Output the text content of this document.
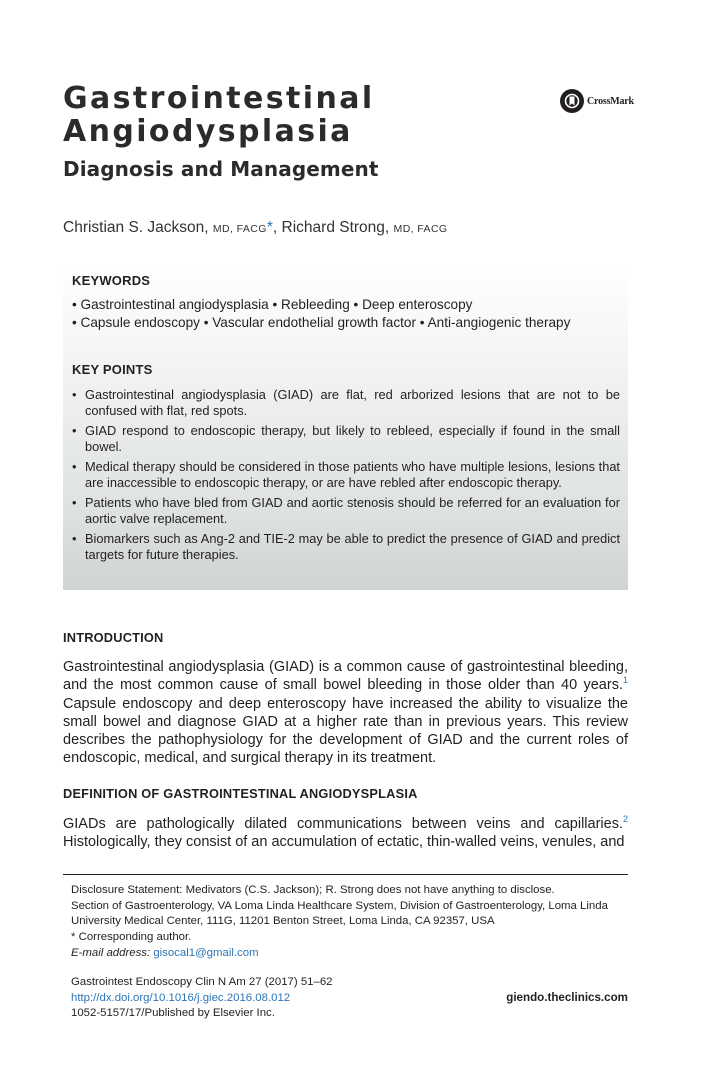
Gastrointestinal
Angiodysplasia
Diagnosis and Management
CrossMark
Christian S. Jackson, MD, FACG*, Richard Strong, MD, FACG
KEYWORDS
• Gastrointestinal angiodysplasia • Rebleeding • Deep enteroscopy
• Capsule endoscopy • Vascular endothelial growth factor • Anti-angiogenic therapy
KEY POINTS
• Gastrointestinal angiodysplasia (GIAD) are flat, red arborized lesions that are not to be confused with flat, red spots.
• GIAD respond to endoscopic therapy, but likely to rebleed, especially if found in the small bowel.
• Medical therapy should be considered in those patients who have multiple lesions, lesions that are inaccessible to endoscopic therapy, or are have rebled after endoscopic therapy.
• Patients who have bled from GIAD and aortic stenosis should be referred for an evaluation for aortic valve replacement.
• Biomarkers such as Ang-2 and TIE-2 may be able to predict the presence of GIAD and predict targets for future therapies.
INTRODUCTION
Gastrointestinal angiodysplasia (GIAD) is a common cause of gastrointestinal bleeding, and the most common cause of small bowel bleeding in those older than 40 years.$^1$ Capsule endoscopy and deep enteroscopy have increased the ability to visualize the small bowel and diagnose GIAD at a higher rate than in previous years. This review describes the pathophysiology for the development of GIAD and the current roles of endoscopic, medical, and surgical therapy in its treatment.
DEFINITION OF GASTROINTESTINAL ANGIODYSPLASIA
GIADs are pathologically dilated communications between veins and capillaries.$^2$ Histologically, they consist of an accumulation of ectatic, thin-walled veins, venules, and
Disclosure Statement: Medivators (C.S. Jackson); R. Strong does not have anything to disclose.
Section of Gastroenterology, VA Loma Linda Healthcare System, Division of Gastroenterology, Loma Linda University Medical Center, 111G, 11201 Benton Street, Loma Linda, CA 92357, USA
* Corresponding author.
E-mail address: gisocal1@gmail.com
Gastrointest Endoscopy Clin N Am 27 (2017) 51–62
http://dx.doi.org/10.1016/j.giec.2016.08.012
1052-5157/17/Published by Elsevier Inc.
giendo.theclinics.com
